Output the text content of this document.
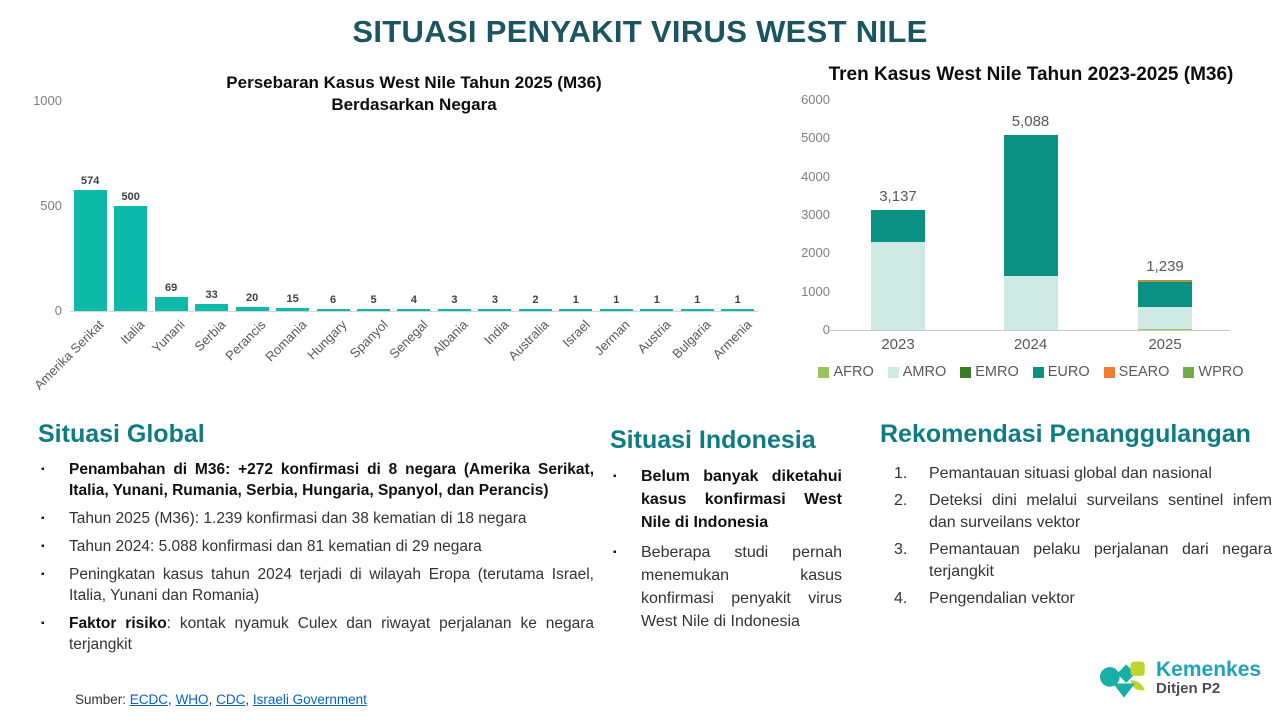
SITUASI PENYAKIT VIRUS WEST NILE
Persebaran Kasus West Nile Tahun 2025 (M36) Berdasarkan Negara
0
500
1000
574
500
69
33	20	15	6	5	4	3	3	2	1	1	1	1	1
Amerika Serikat Italia Yunani Serbia
Perancis
Romania
Hungary
Spanyol
Senegal Albania India
Australia Israel Jerman Austria
Bulgaria
Armenia
Tren Kasus West Nile Tahun 2023-2025 (M36)
0
1000
2000
3000
4000
5000
6000
3,137
2023
5,088
2024
1,239
2025
AFRO AMRO EMRO EURO SEARO WPRO
Situasi Global

▪ Penambahan di M36: +272 konfirmasi di 8 negara (Amerika Serikat, Italia, Yunani, Rumania, Serbia, Hungaria, Spanyol, dan Perancis)

▪ Tahun 2025 (M36): 1.239 konfirmasi dan 38 kematian di 18 negara

▪ Tahun 2024: 5.088 konfirmasi dan 81 kematian di 29 negara

▪ Peningkatan kasus tahun 2024 terjadi di wilayah Eropa (terutama Israel, Italia, Yunani dan Romania)

▪ Faktor risiko: kontak nyamuk Culex dan riwayat perjalanan ke negara terjangkit

Situasi Indonesia

▪ Belum banyak diketahui kasus konfirmasi West Nile di Indonesia

▪ Beberapa studi pernah menemukan kasus konfirmasi penyakit virus West Nile di Indonesia

Rekomendasi Penanggulangan
1.	Pemantauan situasi global dan nasional

2.	Deteksi dini melalui surveilans sentinel infem dan surveilans vektor

3.	Pemantauan pelaku perjalanan dari negara terjangkit

4.	Pengendalian vektor

Sumber: ECDC, WHO, CDC, Israeli Government
Kemenkes
Ditjen P2
